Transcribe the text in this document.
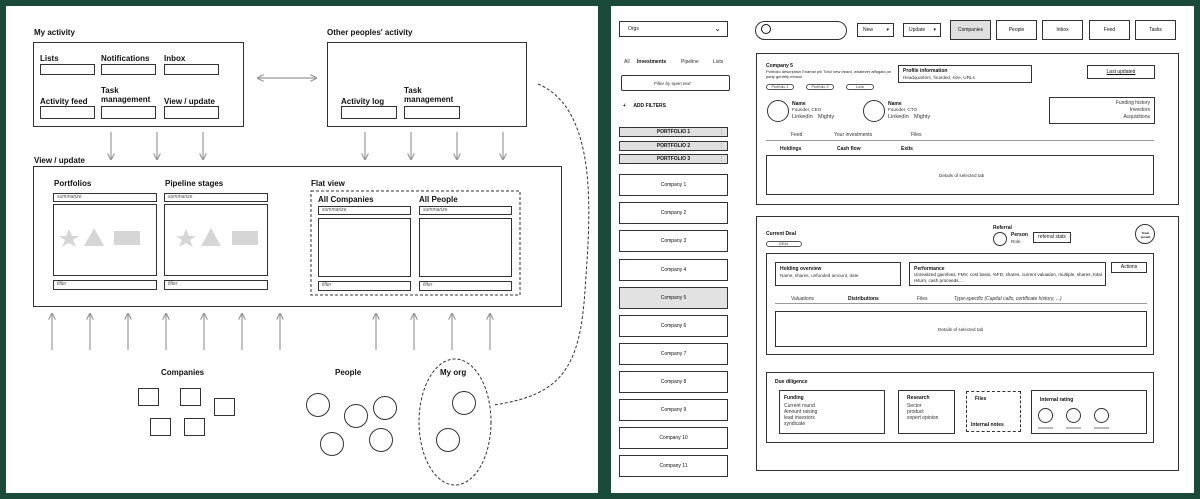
My activity
Lists	Notifications Inbox
Activity feed
Task management	View / update
Other peoples' activity
Activity log
Task management
View / update
Portfolios
summarize
filter
Pipeline stages
summarize
filter
Flat view
All Companies
summarize
filter
All People
summarize
filter
Companies	People	My org
Orgs	⌄
All Investments	Pipeline	Lists
Filter by open text
+ ADD FILTERS
PORTFOLIO 1	⋮
PORTFOLIO 2	⋮
PORTFOLIO 3	⋮
Company 1
Company 2
Company 3
Company 4
Company 5
Company 6
Company 7
Company 8
Company 9
Company 10
Company 11
New	▾	Update ▾	Companies	People	Inbox	Feed	Tasks
Company 5
Portfolio description Enamel pin Tofu! new beard, whatever affogato on party gentrify ethical.
Portfolio 1	Portfolio 2	Lock
Profile information
Headquarters, founded, size, URLs
Last updated
Name
Founder, CEO
LinkedIn Mighty
Name
Founder, CTO
LinkedIn Mighty
Funding history
Investors
Acquisitions
Feed	Your investments	Files
Holdings	Cash flow	Exits
Details of selected tab
Current Deal
DEAL
Referral
Person
Role
referral stats
Team (email)
Holding overview
Name, shares, unfunded amount, date
Performance
Unrealized gain/loss, FMV, cost basis, %FD, shares, current valuation, multiple, shares, total return, cash proceeds, ...
Actions
Valuations	Distributions	Files	Type-specific (Capital calls, certificate history, ...)
Details of selected tab
Due diligence
Funding
Current round
Amount raising
lead investors
syndicate
Research
Sector
product
expert opinion
Files
Internal notes
Internal rating
